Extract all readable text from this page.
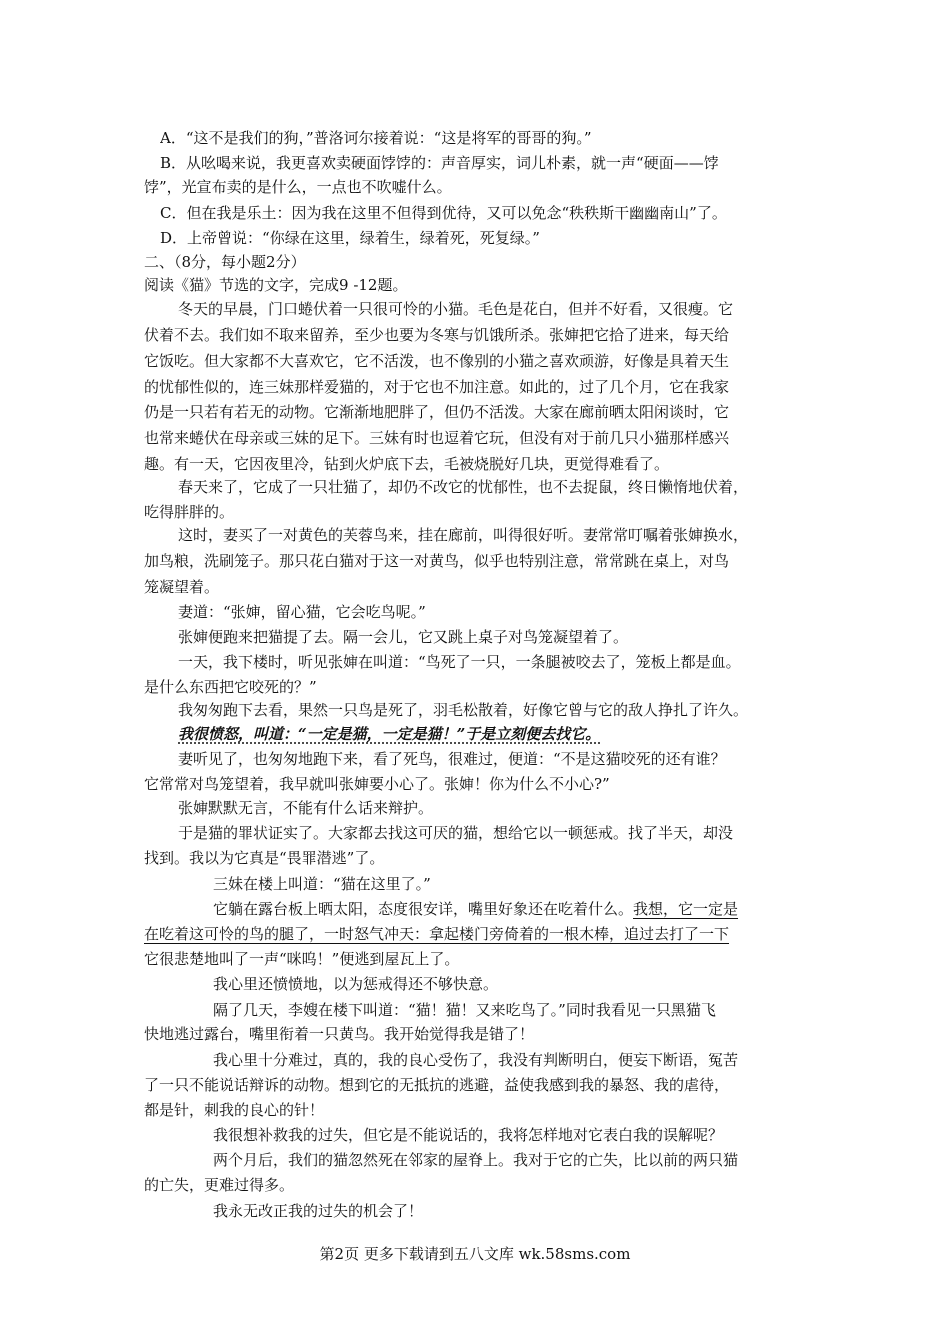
A．“这不是我们的狗，”普洛诃尔接着说：“这是将军的哥哥的狗。”
B．从吆喝来说，我更喜欢卖硬面饽饽的：声音厚实，词儿朴素，就一声“硬面——饽
饽”，光宣布卖的是什么，一点也不吹嘘什么。
C．但在我是乐土：因为我在这里不但得到优待，又可以免念“秩秩斯干幽幽南山”了。
D．上帝曾说：“你绿在这里，绿着生，绿着死，死复绿。”
二、（8分，每小题2分）
阅读《猫》节选的文字，完成9 -12题。
冬天的早晨，门口蜷伏着一只很可怜的小猫。毛色是花白，但并不好看，又很瘦。它
伏着不去。我们如不取来留养，至少也要为冬寒与饥饿所杀。张婶把它拾了进来，每天给
它饭吃。但大家都不大喜欢它，它不活泼，也不像别的小猫之喜欢顽游，好像是具着天生
的忧郁性似的，连三妹那样爱猫的，对于它也不加注意。如此的，过了几个月，它在我家
仍是一只若有若无的动物。它渐渐地肥胖了，但仍不活泼。大家在廊前晒太阳闲谈时，它
也常来蜷伏在母亲或三妹的足下。三妹有时也逗着它玩，但没有对于前几只小猫那样感兴
趣。有一天，它因夜里冷，钻到火炉底下去，毛被烧脱好几块，更觉得难看了。
春天来了，它成了一只壮猫了，却仍不改它的忧郁性，也不去捉鼠，终日懒惰地伏着，
吃得胖胖的。
这时，妻买了一对黄色的芙蓉鸟来，挂在廊前，叫得很好听。妻常常叮嘱着张婶换水，
加鸟粮，洗刷笼子。那只花白猫对于这一对黄鸟，似乎也特别注意，常常跳在桌上，对鸟
笼凝望着。
妻道：“张婶，留心猫，它会吃鸟呢。”
张婶便跑来把猫提了去。隔一会儿，它又跳上桌子对鸟笼凝望着了。
一天，我下楼时，听见张婶在叫道：“鸟死了一只，一条腿被咬去了，笼板上都是血。
是什么东西把它咬死的？”
我匆匆跑下去看，果然一只鸟是死了，羽毛松散着，好像它曾与它的敌人挣扎了许久。
我很愤怒，叫道：“一定是猫，一定是猫！”于是立刻便去找它。
妻听见了，也匆匆地跑下来，看了死鸟，很难过，便道：“不是这猫咬死的还有谁？
它常常对鸟笼望着，我早就叫张婶要小心了。张婶！你为什么不小心?”
张婶默默无言，不能有什么话来辩护。
于是猫的罪状证实了。大家都去找这可厌的猫，想给它以一顿惩戒。找了半天，却没
找到。我以为它真是“畏罪潜逃”了。
三妹在楼上叫道：“猫在这里了。”
它躺在露台板上晒太阳，态度很安详，嘴里好象还在吃着什么。我想，它一定是
在吃着这可怜的鸟的腿了，一时怒气冲天：拿起楼门旁倚着的一根木棒，追过去打了一下
它很悲楚地叫了一声“咪呜！”便逃到屋瓦上了。
我心里还愤愤地，以为惩戒得还不够快意。
隔了几天，李嫂在楼下叫道：“猫！猫！又来吃鸟了。”同时我看见一只黑猫飞
快地逃过露台，嘴里衔着一只黄鸟。我开始觉得我是错了！
我心里十分难过，真的，我的良心受伤了，我没有判断明白，便妄下断语，冤苦
了一只不能说话辩诉的动物。想到它的无抵抗的逃避，益使我感到我的暴怒、我的虐待，
都是针，刺我的良心的针！
我很想补救我的过失，但它是不能说话的，我将怎样地对它表白我的误解呢？
两个月后，我们的猫忽然死在邻家的屋脊上。我对于它的亡失，比以前的两只猫
的亡失，更难过得多。
我永无改正我的过失的机会了！
第2页 更多下载请到五八文库 wk.58sms.com
